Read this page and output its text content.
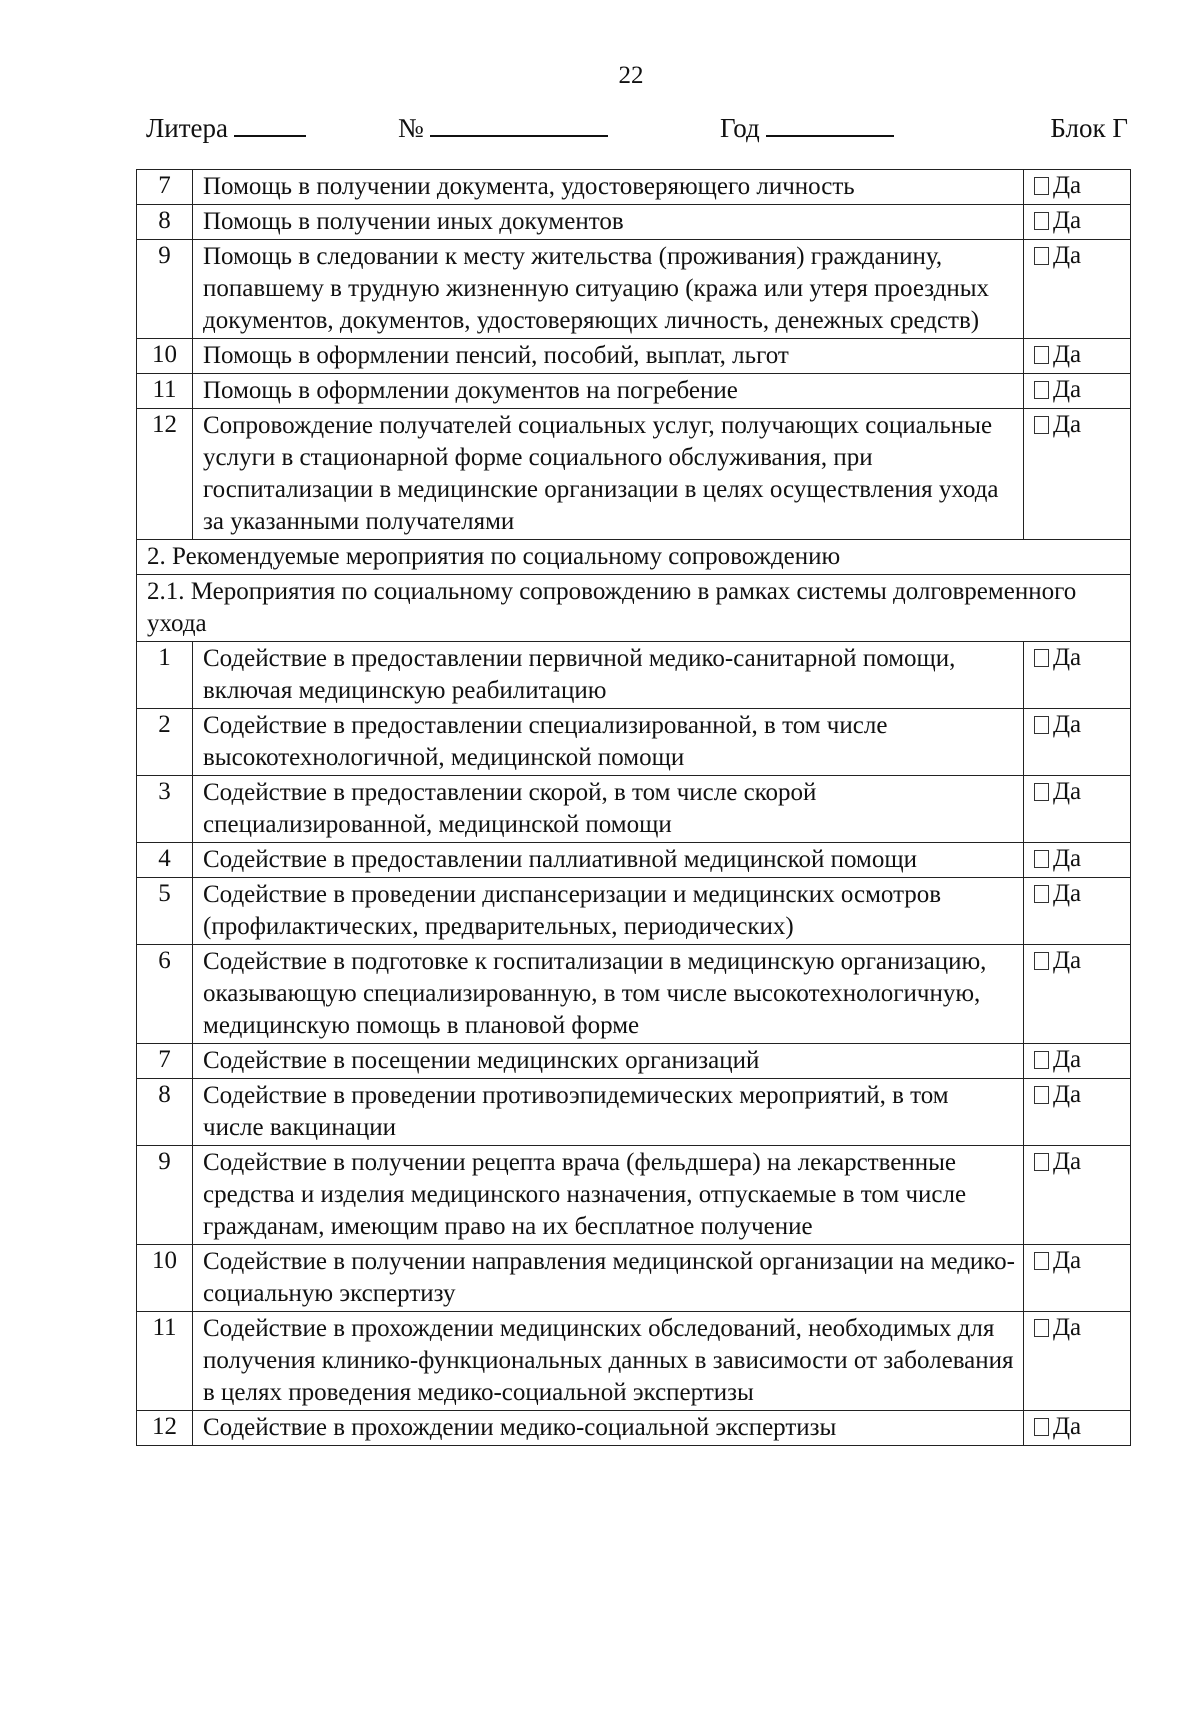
22
Литера	№	Год	Блок Г
7	Помощь в получении документа, удостоверяющего личность	Да
8	Помощь в получении иных документов	Да
9	Помощь в следовании к месту жительства (проживания) гражданину, попавшему в трудную жизненную ситуацию (кража или утеря проездных документов, документов, удостоверяющих личность, денежных средств)	Да
10	Помощь в оформлении пенсий, пособий, выплат, льгот	Да
11	Помощь в оформлении документов на погребение	Да
12	Сопровождение получателей социальных услуг, получающих социальные услуги в стационарной форме социального обслуживания, при госпитализации в медицинские организации в целях осуществления ухода за указанными получателями	Да
2. Рекомендуемые мероприятия по социальному сопровождению		
2.1. Мероприятия по социальному сопровождению в рамках системы долговременного ухода		
1	Содействие в предоставлении первичной медико-санитарной помощи, включая медицинскую реабилитацию	Да
2	Содействие в предоставлении специализированной, в том числе высокотехнологичной, медицинской помощи	Да
3	Содействие в предоставлении скорой, в том числе скорой специализированной, медицинской помощи	Да
4	Содействие в предоставлении паллиативной медицинской помощи	Да
5	Содействие в проведении диспансеризации и медицинских осмотров (профилактических, предварительных, периодических)	Да
6	Содействие в подготовке к госпитализации в медицинскую организацию, оказывающую специализированную, в том числе высокотехнологичную, медицинскую помощь в плановой форме	Да
7	Содействие в посещении медицинских организаций	Да
8	Содействие в проведении противоэпидемических мероприятий, в том числе вакцинации	Да
9	Содействие в получении рецепта врача (фельдшера) на лекарственные средства и изделия медицинского назначения, отпускаемые в том числе гражданам, имеющим право на их бесплатное получение	Да
10	Содействие в получении направления медицинской организации на медико-социальную экспертизу	Да
11	Содействие в прохождении медицинских обследований, необходимых для получения клинико-функциональных данных в зависимости от заболевания в целях проведения медико-социальной экспертизы	Да
12	Содействие в прохождении медико-социальной экспертизы	Да
